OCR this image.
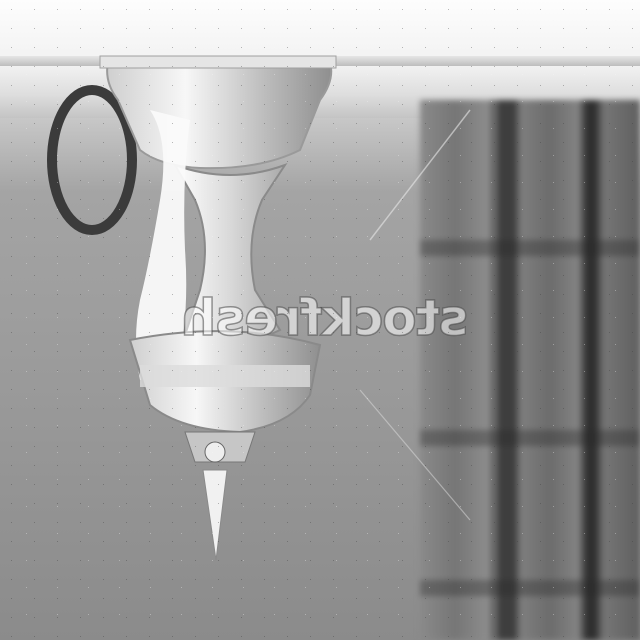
stockfresh
